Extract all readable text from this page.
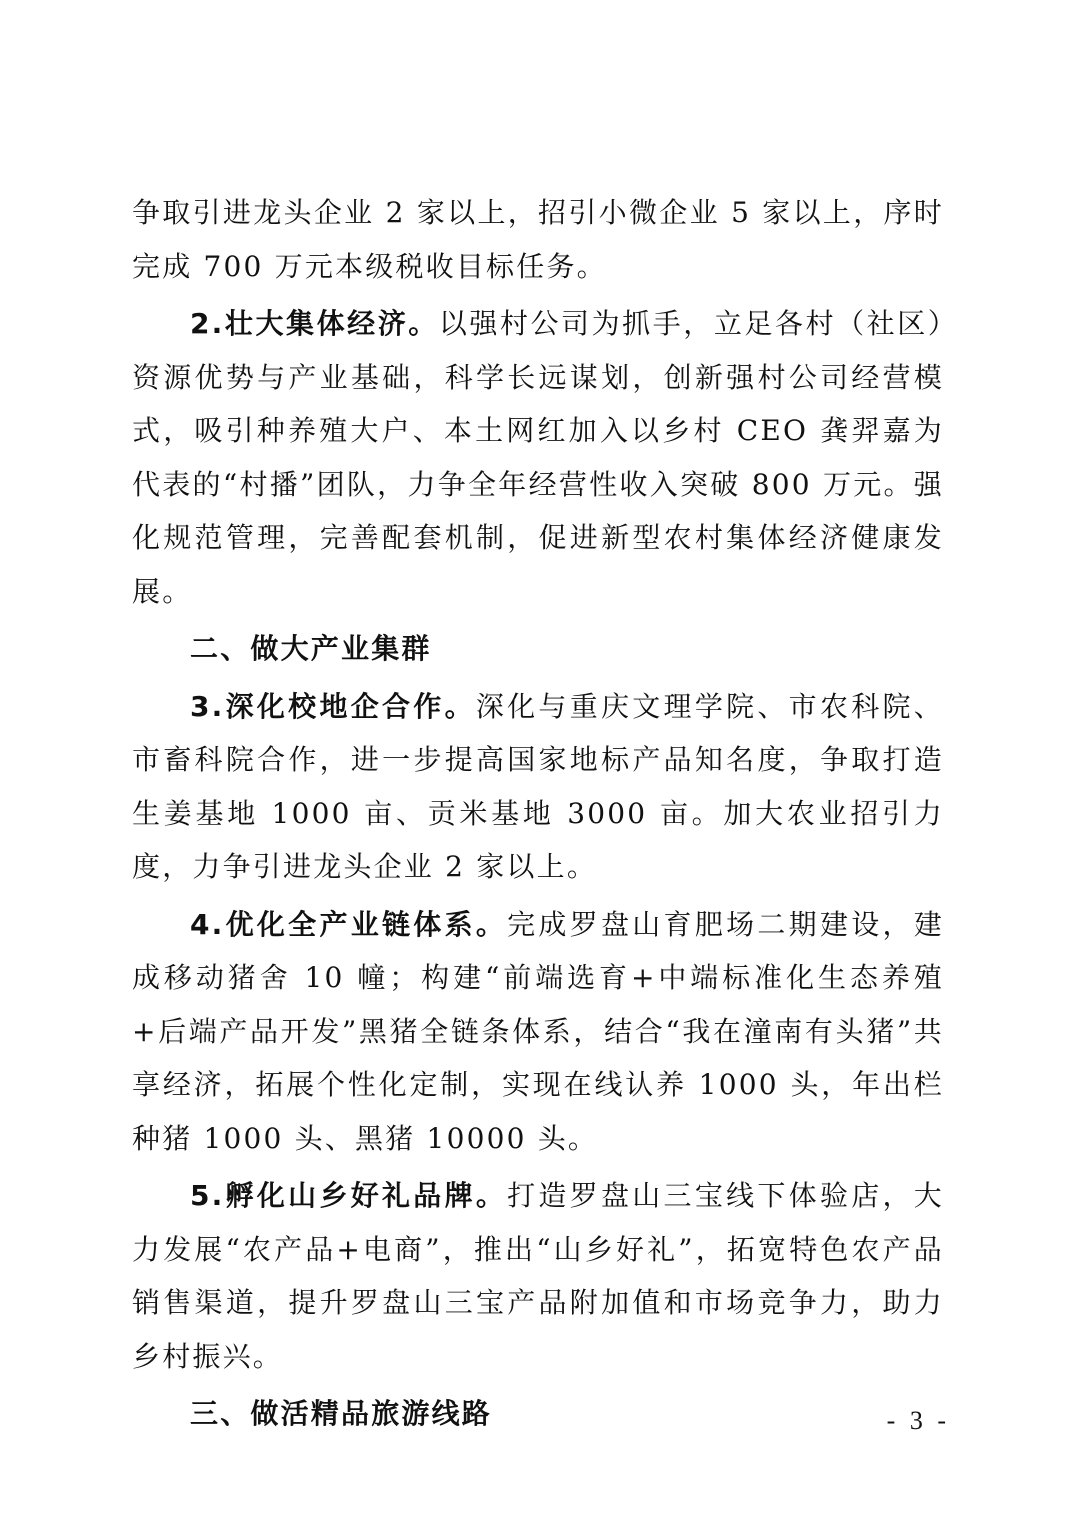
争取引进龙头企业 2 家以上，招引小微企业 5 家以上，序时完成 700 万元本级税收目标任务。

2.壮大集体经济。以强村公司为抓手，立足各村（社区）资源优势与产业基础，科学长远谋划，创新强村公司经营模式，吸引种养殖大户、本土网红加入以乡村 CEO 龚羿嘉为代表的“村播”团队，力争全年经营性收入突破 800 万元。强化规范管理，完善配套机制，促进新型农村集体经济健康发展。

二、做大产业集群

3.深化校地企合作。深化与重庆文理学院、市农科院、市畜科院合作，进一步提高国家地标产品知名度，争取打造生姜基地 1000 亩、贡米基地 3000 亩。加大农业招引力度，力争引进龙头企业 2 家以上。

4.优化全产业链体系。完成罗盘山育肥场二期建设，建成移动猪舍 10 幢；构建“前端选育+中端标准化生态养殖+后端产品开发”黑猪全链条体系，结合“我在潼南有头猪”共享经济，拓展个性化定制，实现在线认养 1000 头，年出栏种猪 1000 头、黑猪 10000 头。

5.孵化山乡好礼品牌。打造罗盘山三宝线下体验店，大力发展“农产品+电商”，推出“山乡好礼”，拓宽特色农产品销售渠道，提升罗盘山三宝产品附加值和市场竞争力，助力乡村振兴。

三、做活精品旅游线路	- 3 -
